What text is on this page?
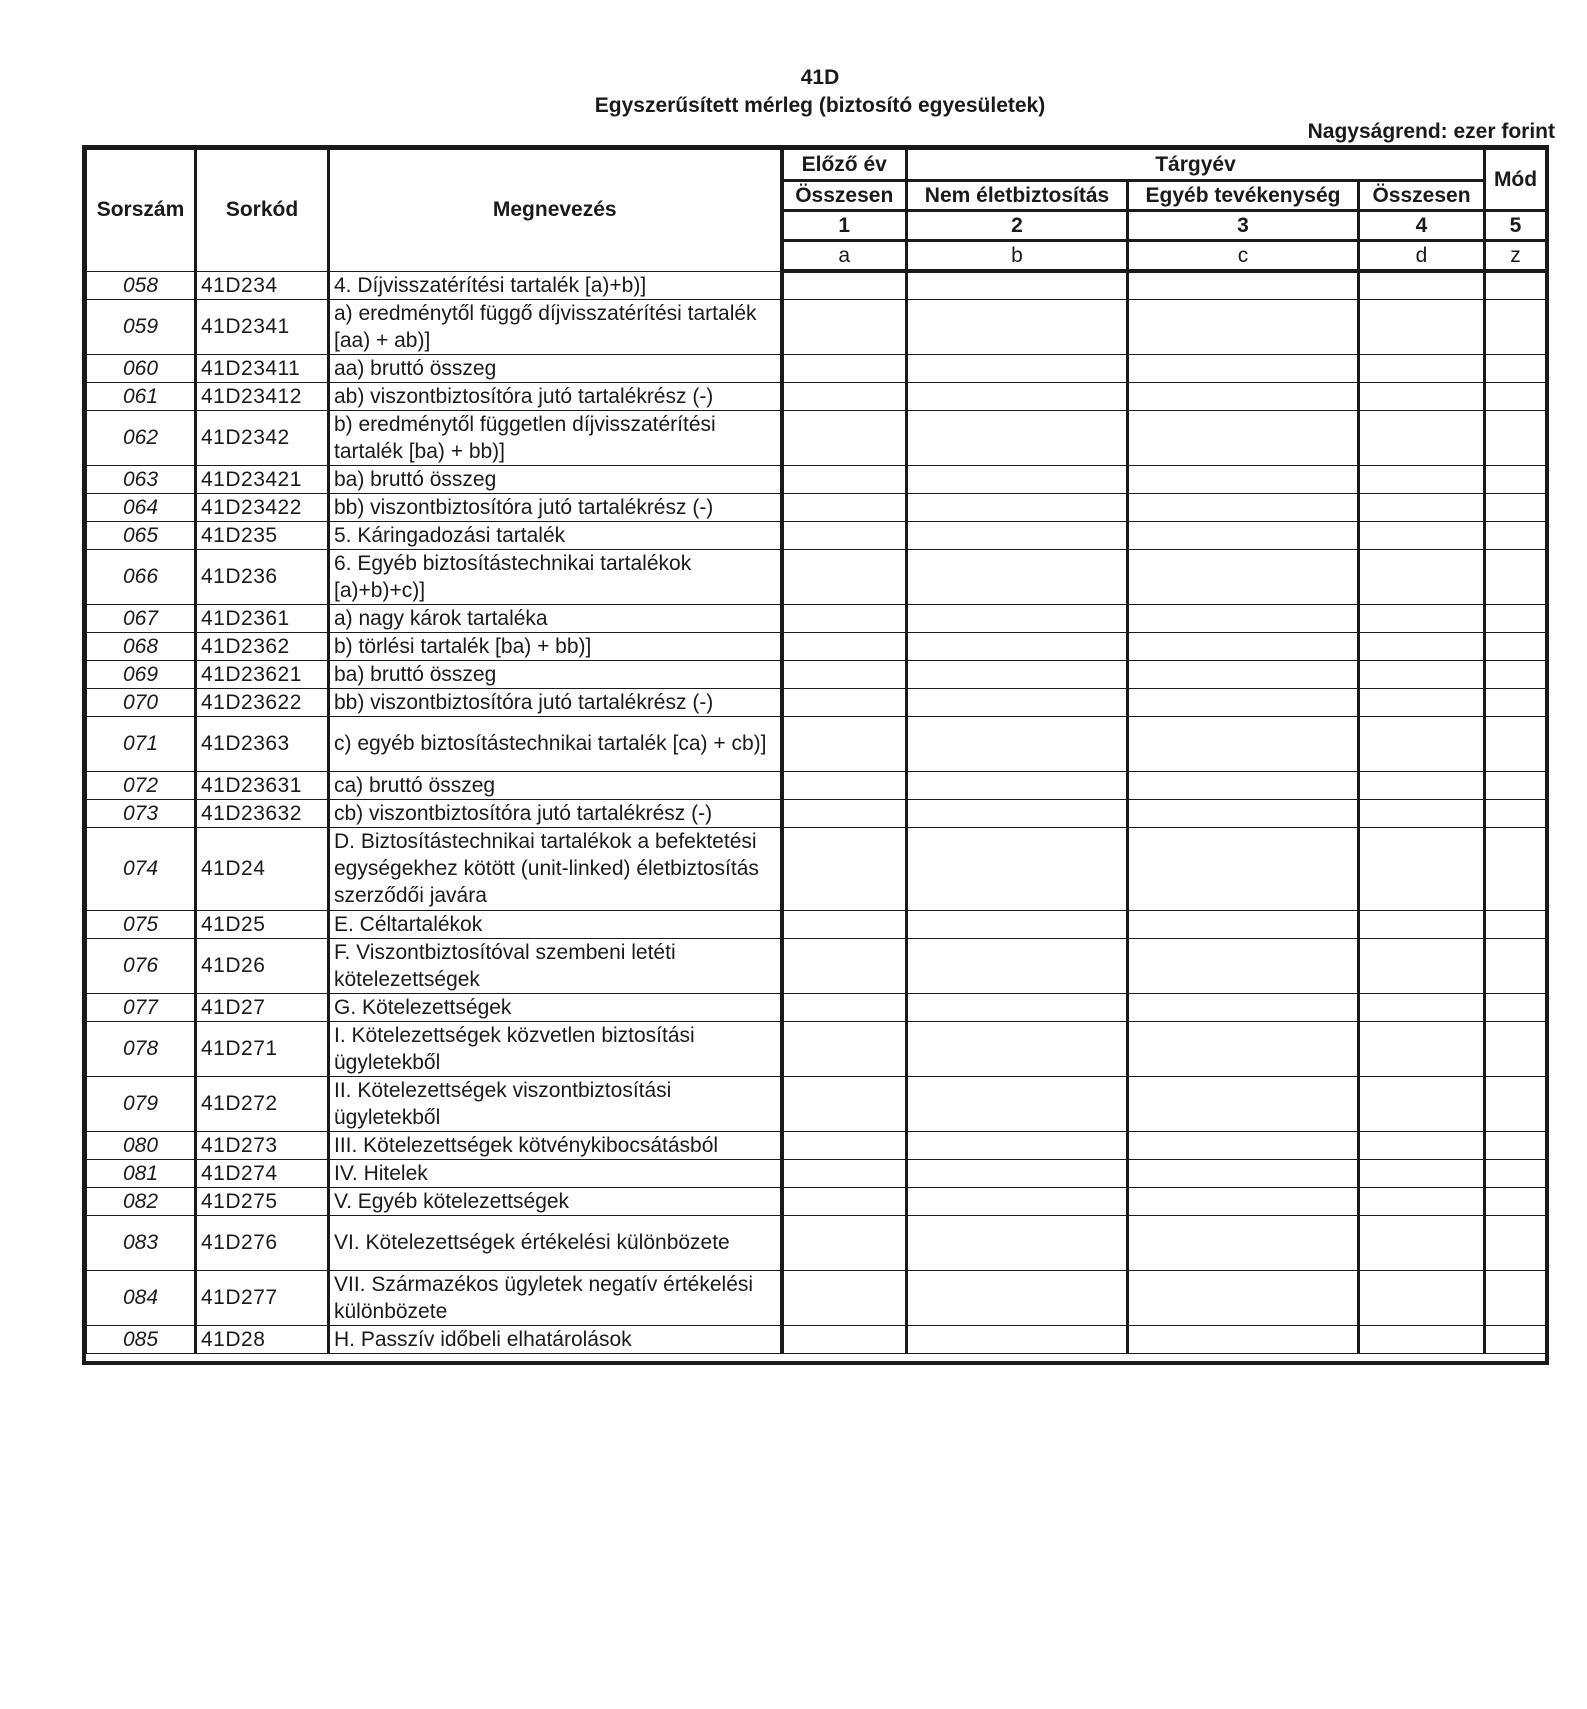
41D
Egyszerűsített mérleg (biztosító egyesületek)
Nagyságrend: ezer forint
Sorszám	Sorkód	Megnevezés	Előző év	Tárgyév			Mód
			Összesen	Nem életbiztosítás	Egyéb tevékenység	Összesen	
			1	2	3	4	5
			a	b	c	d	z
058	41D234	4. Díjvisszatérítési tartalék [a)+b)]					
059	41D2341	a) eredménytől függő díjvisszatérítési tartalék [aa) + ab)]					
060	41D23411	aa) bruttó összeg					
061	41D23412	ab) viszontbiztosítóra jutó tartalékrész (-)					
062	41D2342	b) eredménytől független díjvisszatérítési tartalék [ba) + bb)]					
063	41D23421	ba) bruttó összeg					
064	41D23422	bb) viszontbiztosítóra jutó tartalékrész (-)					
065	41D235	5. Káringadozási tartalék					
066	41D236	6. Egyéb biztosítástechnikai tartalékok [a)+b)+c)]					
067	41D2361	a) nagy károk tartaléka					
068	41D2362	b) törlési tartalék [ba) + bb)]					
069	41D23621	ba) bruttó összeg					
070	41D23622	bb) viszontbiztosítóra jutó tartalékrész (-)					
071	41D2363	c) egyéb biztosítástechnikai tartalék [ca) + cb)]					
072	41D23631	ca) bruttó összeg					
073	41D23632	cb) viszontbiztosítóra jutó tartalékrész (-)					
074	41D24	D. Biztosítástechnikai tartalékok a befektetési egységekhez kötött (unit-linked) életbiztosítás szerződői javára					
075	41D25	E. Céltartalékok					
076	41D26	F. Viszontbiztosítóval szembeni letéti kötelezettségek					
077	41D27	G. Kötelezettségek					
078	41D271	I. Kötelezettségek közvetlen biztosítási ügyletekből					
079	41D272	II. Kötelezettségek viszontbiztosítási ügyletekből					
080	41D273	III. Kötelezettségek kötvénykibocsátásból					
081	41D274	IV. Hitelek					
082	41D275	V. Egyéb kötelezettségek					
083	41D276	VI. Kötelezettségek értékelési különbözete					
084	41D277	VII. Származékos ügyletek negatív értékelési különbözete					
085	41D28	H. Passzív időbeli elhatárolások					
